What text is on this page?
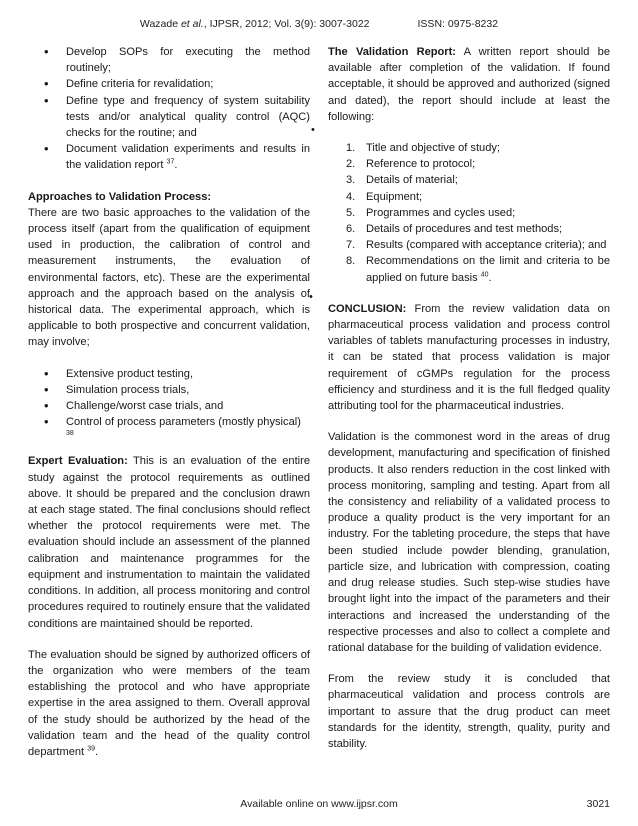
Wazade et al., IJPSR, 2012; Vol. 3(9): 3007-3022	ISSN: 0975-8232
• Develop SOPs for executing the method routinely;
• Define criteria for revalidation;
• Define type and frequency of system suitability tests and/or analytical quality control (AQC) checks for the routine; and
• Document validation experiments and results in the validation report $^{37}$.

Approaches to Validation Process:

There are two basic approaches to the validation of the process itself (apart from the qualification of equipment used in production, the calibration of control and measurement instruments, the evaluation of environmental factors, etc). These are the experimental approach and the approach based on the analysis of historical data. The experimental approach, which is applicable to both prospective and concurrent validation, may involve;

• Extensive product testing,
• Simulation process trials,
• Challenge/worst case trials, and
• Control of process parameters (mostly physical)
38

Expert Evaluation: This is an evaluation of the entire study against the protocol requirements as outlined above. It should be prepared and the conclusion drawn at each stage stated. The final conclusions should reflect whether the protocol requirements were met. The evaluation should include an assessment of the planned calibration and maintenance programmes for the equipment and instrumentation to maintain the validated conditions. In addition, all process monitoring and control procedures required to routinely ensure that the validated conditions are maintained should be reported.

The evaluation should be signed by authorized officers of the organization who were members of the team establishing the protocol and who have appropriate expertise in the area assigned to them. Overall approval of the study should be authorized by the head of the validation team and the head of the quality control department $^{39}$.

•
•

The Validation Report: A written report should be available after completion of the validation. If found acceptable, it should be approved and authorized (signed and dated), the report should include at least the following:

1. Title and objective of study;
2. Reference to protocol;
3. Details of material;
4. Equipment;
5. Programmes and cycles used;
6. Details of procedures and test methods;
7. Results (compared with acceptance criteria); and
8. Recommendations on the limit and criteria to be applied on future basis $^{40}$.

CONCLUSION: From the review validation data on pharmaceutical process validation and process control variables of tablets manufacturing processes in industry, it can be stated that process validation is major requirement of cGMPs regulation for the process efficiency and sturdiness and it is the full fledged quality attributing tool for the pharmaceutical industries.

Validation is the commonest word in the areas of drug development, manufacturing and specification of finished products. It also renders reduction in the cost linked with process monitoring, sampling and testing. Apart from all the consistency and reliability of a validated process to produce a quality product is the very important for an industry. For the tableting procedure, the steps that have been studied include powder blending, granulation, particle size, and lubrication with compression, coating and drug release studies. Such step-wise studies have brought light into the impact of the parameters and their interactions and increased the understanding of the respective processes and also to collect a complete and rational database for the building of validation evidence.

From the review study it is concluded that pharmaceutical validation and process controls are important to assure that the drug product can meet standards for the identity, strength, quality, purity and stability.

Available online on www.ijpsr.com	3021
